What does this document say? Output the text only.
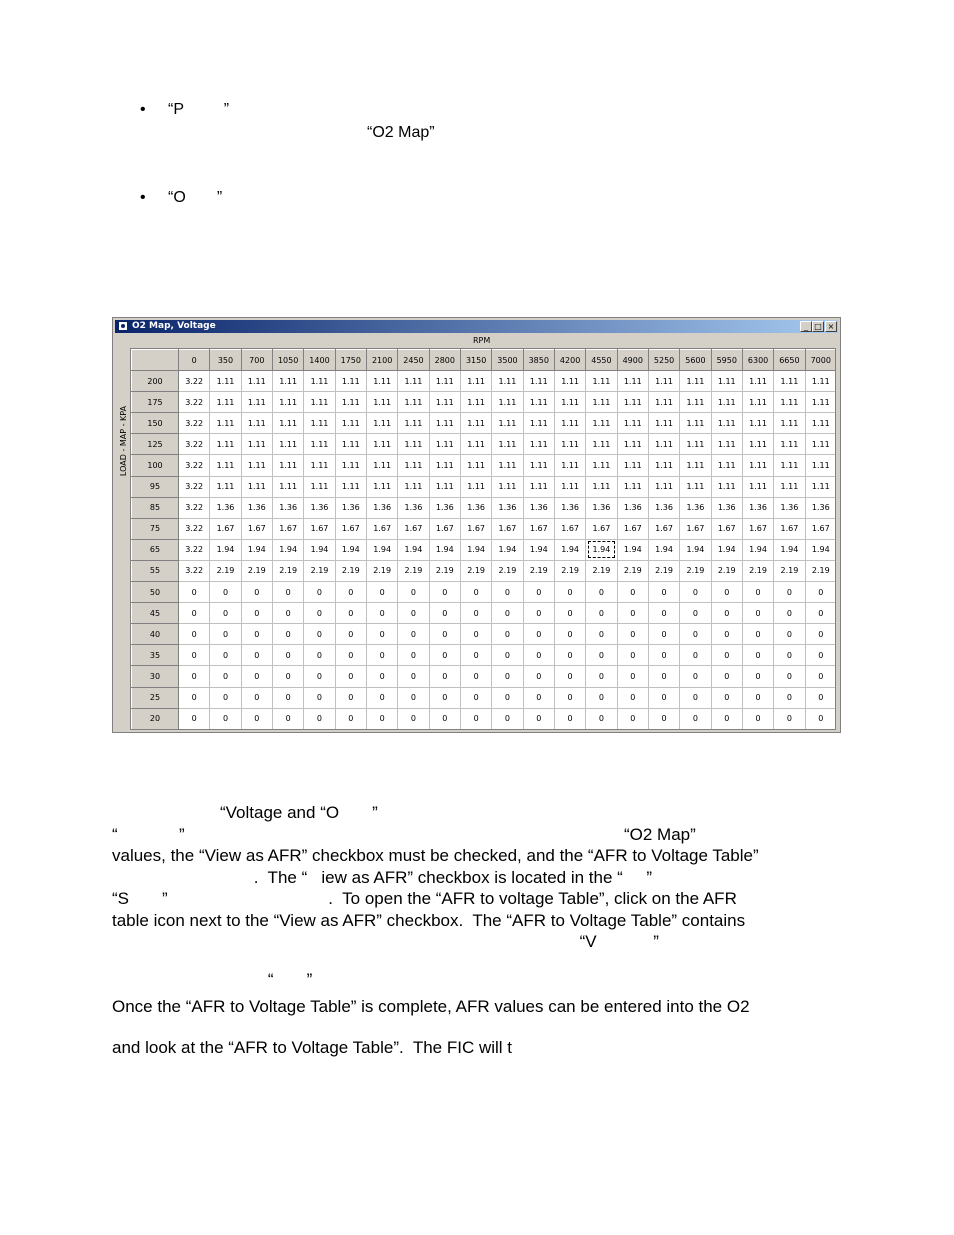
• “P         ”
“O2 Map”
• “O       ”
O2 Map, Voltage	_ □ ×
RPM
LOAD - MAP - KPA
	0	350	700	1050	1400	1750	2100	2450	2800	3150	3500	3850	4200	4550	4900	5250	5600	5950	6300	6650	7000
200	3.22	1.11	1.11	1.11	1.11	1.11	1.11	1.11	1.11	1.11	1.11	1.11	1.11	1.11	1.11	1.11	1.11	1.11	1.11	1.11	1.11
175	3.22	1.11	1.11	1.11	1.11	1.11	1.11	1.11	1.11	1.11	1.11	1.11	1.11	1.11	1.11	1.11	1.11	1.11	1.11	1.11	1.11
150	3.22	1.11	1.11	1.11	1.11	1.11	1.11	1.11	1.11	1.11	1.11	1.11	1.11	1.11	1.11	1.11	1.11	1.11	1.11	1.11	1.11
125	3.22	1.11	1.11	1.11	1.11	1.11	1.11	1.11	1.11	1.11	1.11	1.11	1.11	1.11	1.11	1.11	1.11	1.11	1.11	1.11	1.11
100	3.22	1.11	1.11	1.11	1.11	1.11	1.11	1.11	1.11	1.11	1.11	1.11	1.11	1.11	1.11	1.11	1.11	1.11	1.11	1.11	1.11
95	3.22	1.11	1.11	1.11	1.11	1.11	1.11	1.11	1.11	1.11	1.11	1.11	1.11	1.11	1.11	1.11	1.11	1.11	1.11	1.11	1.11
85	3.22	1.36	1.36	1.36	1.36	1.36	1.36	1.36	1.36	1.36	1.36	1.36	1.36	1.36	1.36	1.36	1.36	1.36	1.36	1.36	1.36
75	3.22	1.67	1.67	1.67	1.67	1.67	1.67	1.67	1.67	1.67	1.67	1.67	1.67	1.67	1.67	1.67	1.67	1.67	1.67	1.67	1.67
65	3.22	1.94	1.94	1.94	1.94	1.94	1.94	1.94	1.94	1.94	1.94	1.94	1.94	1.94	1.94	1.94	1.94	1.94	1.94	1.94	1.94
55	3.22	2.19	2.19	2.19	2.19	2.19	2.19	2.19	2.19	2.19	2.19	2.19	2.19	2.19	2.19	2.19	2.19	2.19	2.19	2.19	2.19
50	0	0	0	0	0	0	0	0	0	0	0	0	0	0	0	0	0	0	0	0	0
45	0	0	0	0	0	0	0	0	0	0	0	0	0	0	0	0	0	0	0	0	0
40	0	0	0	0	0	0	0	0	0	0	0	0	0	0	0	0	0	0	0	0	0
35	0	0	0	0	0	0	0	0	0	0	0	0	0	0	0	0	0	0	0	0	0
30	0	0	0	0	0	0	0	0	0	0	0	0	0	0	0	0	0	0	0	0	0
25	0	0	0	0	0	0	0	0	0	0	0	0	0	0	0	0	0	0	0	0	0
20	0	0	0	0	0	0	0	0	0	0	0	0	0	0	0	0	0	0	0	0	0
“Voltage and “O       ”
“             ”                                                                                             “O2 Map”
values, the “View as AFR” checkbox must be checked, and the “AFR to Voltage Table”
.  The “   iew as AFR” checkbox is located in the “     ”
“S       ”                                  .  To open the “AFR to voltage Table”, click on the AFR
table icon next to the “View as AFR” checkbox.  The “AFR to Voltage Table” contains
“V            ”
“       ”
Once the “AFR to Voltage Table” is complete, AFR values can be entered into the O2
and look at the “AFR to Voltage Table”.  The FIC will t
